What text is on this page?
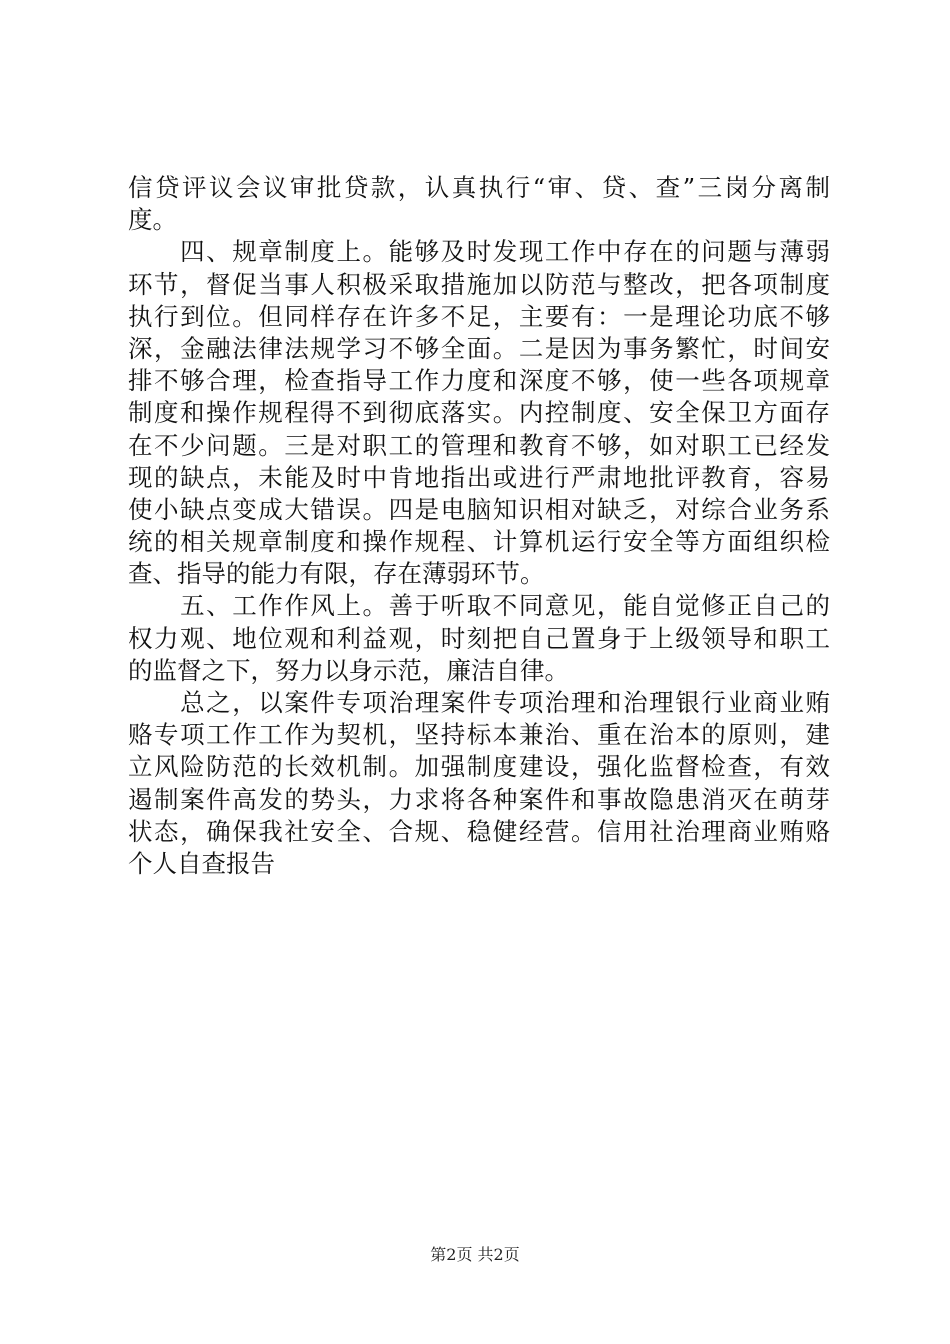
信贷评议会议审批贷款，认真执行“审、贷、查”三岗分离制
度。
　　四、规章制度上。能够及时发现工作中存在的问题与薄弱
环节，督促当事人积极采取措施加以防范与整改，把各项制度
执行到位。但同样存在许多不足，主要有：一是理论功底不够
深，金融法律法规学习不够全面。二是因为事务繁忙，时间安
排不够合理，检查指导工作力度和深度不够，使一些各项规章
制度和操作规程得不到彻底落实。内控制度、安全保卫方面存
在不少问题。三是对职工的管理和教育不够，如对职工已经发
现的缺点，未能及时中肯地指出或进行严肃地批评教育，容易
使小缺点变成大错误。四是电脑知识相对缺乏，对综合业务系
统的相关规章制度和操作规程、计算机运行安全等方面组织检
查、指导的能力有限，存在薄弱环节。
　　五、工作作风上。善于听取不同意见，能自觉修正自己的
权力观、地位观和利益观，时刻把自己置身于上级领导和职工
的监督之下，努力以身示范，廉洁自律。
　　总之，以案件专项治理案件专项治理和治理银行业商业贿
赂专项工作工作为契机，坚持标本兼治、重在治本的原则，建
立风险防范的长效机制。加强制度建设，强化监督检查，有效
遏制案件高发的势头，力求将各种案件和事故隐患消灭在萌芽
状态，确保我社安全、合规、稳健经营。信用社治理商业贿赂
个人自查报告
第2页 共2页
